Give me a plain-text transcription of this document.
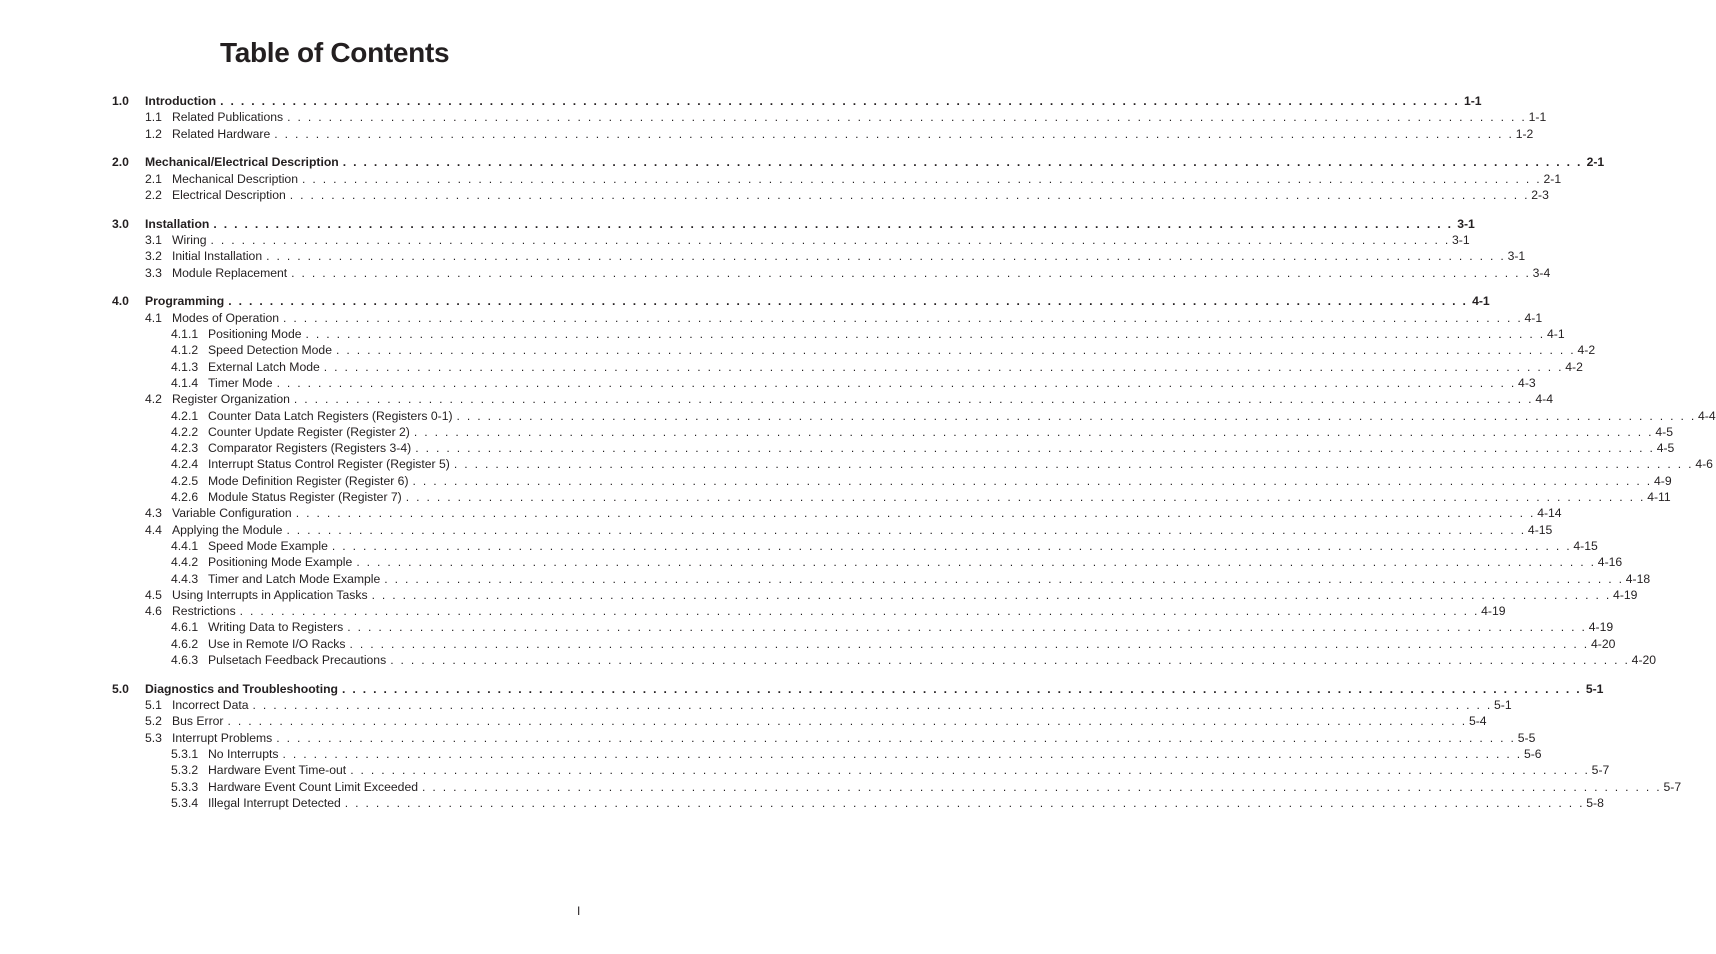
Table of Contents
1.0	Introduction . . . . . . . . . . . . . . . . . . . . . . . . . . . . . . . . . . . . . . . . . . . . . . . . . . . . . . . . . . . . . . . . . . . . . . . . . . . . . . . . . . . . . . . . . . . . . . . . . . . . . . . . . . . . . . . . . . . . . . . . 1-1
1.1 Related Publications . . . . . . . . . . . . . . . . . . . . . . . . . . . . . . . . . . . . . . . . . . . . . . . . . . . . . . . . . . . . . . . . . . . . . . . . . . . . . . . . . . . . . . . . . . . . . . . . . . . . . . . . . . . . . . . . . . . . . . . . 1-1
1.2 Related Hardware . . . . . . . . . . . . . . . . . . . . . . . . . . . . . . . . . . . . . . . . . . . . . . . . . . . . . . . . . . . . . . . . . . . . . . . . . . . . . . . . . . . . . . . . . . . . . . . . . . . . . . . . . . . . . . . . . . . . . . . . 1-2
2.0	Mechanical/Electrical Description . . . . . . . . . . . . . . . . . . . . . . . . . . . . . . . . . . . . . . . . . . . . . . . . . . . . . . . . . . . . . . . . . . . . . . . . . . . . . . . . . . . . . . . . . . . . . . . . . . . . . . . . . . . . . . . . . . . . . . . . 2-1
2.1 Mechanical Description . . . . . . . . . . . . . . . . . . . . . . . . . . . . . . . . . . . . . . . . . . . . . . . . . . . . . . . . . . . . . . . . . . . . . . . . . . . . . . . . . . . . . . . . . . . . . . . . . . . . . . . . . . . . . . . . . . . . . . . . 2-1
2.2 Electrical Description . . . . . . . . . . . . . . . . . . . . . . . . . . . . . . . . . . . . . . . . . . . . . . . . . . . . . . . . . . . . . . . . . . . . . . . . . . . . . . . . . . . . . . . . . . . . . . . . . . . . . . . . . . . . . . . . . . . . . . . . 2-3
3.0	Installation . . . . . . . . . . . . . . . . . . . . . . . . . . . . . . . . . . . . . . . . . . . . . . . . . . . . . . . . . . . . . . . . . . . . . . . . . . . . . . . . . . . . . . . . . . . . . . . . . . . . . . . . . . . . . . . . . . . . . . . . 3-1
3.1 Wiring . . . . . . . . . . . . . . . . . . . . . . . . . . . . . . . . . . . . . . . . . . . . . . . . . . . . . . . . . . . . . . . . . . . . . . . . . . . . . . . . . . . . . . . . . . . . . . . . . . . . . . . . . . . . . . . . . . . . . . . . 3-1
3.2 Initial Installation . . . . . . . . . . . . . . . . . . . . . . . . . . . . . . . . . . . . . . . . . . . . . . . . . . . . . . . . . . . . . . . . . . . . . . . . . . . . . . . . . . . . . . . . . . . . . . . . . . . . . . . . . . . . . . . . . . . . . . . . 3-1
3.3 Module Replacement . . . . . . . . . . . . . . . . . . . . . . . . . . . . . . . . . . . . . . . . . . . . . . . . . . . . . . . . . . . . . . . . . . . . . . . . . . . . . . . . . . . . . . . . . . . . . . . . . . . . . . . . . . . . . . . . . . . . . . . . 3-4
4.0	Programming . . . . . . . . . . . . . . . . . . . . . . . . . . . . . . . . . . . . . . . . . . . . . . . . . . . . . . . . . . . . . . . . . . . . . . . . . . . . . . . . . . . . . . . . . . . . . . . . . . . . . . . . . . . . . . . . . . . . . . . . 4-1
4.1 Modes of Operation . . . . . . . . . . . . . . . . . . . . . . . . . . . . . . . . . . . . . . . . . . . . . . . . . . . . . . . . . . . . . . . . . . . . . . . . . . . . . . . . . . . . . . . . . . . . . . . . . . . . . . . . . . . . . . . . . . . . . . . . 4-1
4.1.1 Positioning Mode . . . . . . . . . . . . . . . . . . . . . . . . . . . . . . . . . . . . . . . . . . . . . . . . . . . . . . . . . . . . . . . . . . . . . . . . . . . . . . . . . . . . . . . . . . . . . . . . . . . . . . . . . . . . . . . . . . . . . . . . 4-1
4.1.2 Speed Detection Mode . . . . . . . . . . . . . . . . . . . . . . . . . . . . . . . . . . . . . . . . . . . . . . . . . . . . . . . . . . . . . . . . . . . . . . . . . . . . . . . . . . . . . . . . . . . . . . . . . . . . . . . . . . . . . . . . . . . . . . . . 4-2
4.1.3 External Latch Mode . . . . . . . . . . . . . . . . . . . . . . . . . . . . . . . . . . . . . . . . . . . . . . . . . . . . . . . . . . . . . . . . . . . . . . . . . . . . . . . . . . . . . . . . . . . . . . . . . . . . . . . . . . . . . . . . . . . . . . . . 4-2
4.1.4 Timer Mode . . . . . . . . . . . . . . . . . . . . . . . . . . . . . . . . . . . . . . . . . . . . . . . . . . . . . . . . . . . . . . . . . . . . . . . . . . . . . . . . . . . . . . . . . . . . . . . . . . . . . . . . . . . . . . . . . . . . . . . . 4-3
4.2 Register Organization . . . . . . . . . . . . . . . . . . . . . . . . . . . . . . . . . . . . . . . . . . . . . . . . . . . . . . . . . . . . . . . . . . . . . . . . . . . . . . . . . . . . . . . . . . . . . . . . . . . . . . . . . . . . . . . . . . . . . . . . 4-4
4.2.1 Counter Data Latch Registers (Registers 0-1) . . . . . . . . . . . . . . . . . . . . . . . . . . . . . . . . . . . . . . . . . . . . . . . . . . . . . . . . . . . . . . . . . . . . . . . . . . . . . . . . . . . . . . . . . . . . . . . . . . . . . . . . . . . . . . . . . . . . . . . . 4-4
4.2.2 Counter Update Register (Register 2) . . . . . . . . . . . . . . . . . . . . . . . . . . . . . . . . . . . . . . . . . . . . . . . . . . . . . . . . . . . . . . . . . . . . . . . . . . . . . . . . . . . . . . . . . . . . . . . . . . . . . . . . . . . . . . . . . . . . . . . . 4-5
4.2.3 Comparator Registers (Registers 3-4) . . . . . . . . . . . . . . . . . . . . . . . . . . . . . . . . . . . . . . . . . . . . . . . . . . . . . . . . . . . . . . . . . . . . . . . . . . . . . . . . . . . . . . . . . . . . . . . . . . . . . . . . . . . . . . . . . . . . . . . . 4-5
4.2.4 Interrupt Status Control Register (Register 5) . . . . . . . . . . . . . . . . . . . . . . . . . . . . . . . . . . . . . . . . . . . . . . . . . . . . . . . . . . . . . . . . . . . . . . . . . . . . . . . . . . . . . . . . . . . . . . . . . . . . . . . . . . . . . . . . . . . . . . . . 4-6
4.2.5 Mode Definition Register (Register 6) . . . . . . . . . . . . . . . . . . . . . . . . . . . . . . . . . . . . . . . . . . . . . . . . . . . . . . . . . . . . . . . . . . . . . . . . . . . . . . . . . . . . . . . . . . . . . . . . . . . . . . . . . . . . . . . . . . . . . . . . 4-9
4.2.6 Module Status Register (Register 7) . . . . . . . . . . . . . . . . . . . . . . . . . . . . . . . . . . . . . . . . . . . . . . . . . . . . . . . . . . . . . . . . . . . . . . . . . . . . . . . . . . . . . . . . . . . . . . . . . . . . . . . . . . . . . . . . . . . . . . . . 4-11
4.3 Variable Configuration . . . . . . . . . . . . . . . . . . . . . . . . . . . . . . . . . . . . . . . . . . . . . . . . . . . . . . . . . . . . . . . . . . . . . . . . . . . . . . . . . . . . . . . . . . . . . . . . . . . . . . . . . . . . . . . . . . . . . . . . 4-14
4.4 Applying the Module . . . . . . . . . . . . . . . . . . . . . . . . . . . . . . . . . . . . . . . . . . . . . . . . . . . . . . . . . . . . . . . . . . . . . . . . . . . . . . . . . . . . . . . . . . . . . . . . . . . . . . . . . . . . . . . . . . . . . . . . 4-15
4.4.1 Speed Mode Example . . . . . . . . . . . . . . . . . . . . . . . . . . . . . . . . . . . . . . . . . . . . . . . . . . . . . . . . . . . . . . . . . . . . . . . . . . . . . . . . . . . . . . . . . . . . . . . . . . . . . . . . . . . . . . . . . . . . . . . . 4-15
4.4.2 Positioning Mode Example . . . . . . . . . . . . . . . . . . . . . . . . . . . . . . . . . . . . . . . . . . . . . . . . . . . . . . . . . . . . . . . . . . . . . . . . . . . . . . . . . . . . . . . . . . . . . . . . . . . . . . . . . . . . . . . . . . . . . . . . 4-16
4.4.3 Timer and Latch Mode Example . . . . . . . . . . . . . . . . . . . . . . . . . . . . . . . . . . . . . . . . . . . . . . . . . . . . . . . . . . . . . . . . . . . . . . . . . . . . . . . . . . . . . . . . . . . . . . . . . . . . . . . . . . . . . . . . . . . . . . . . 4-18
4.5 Using Interrupts in Application Tasks . . . . . . . . . . . . . . . . . . . . . . . . . . . . . . . . . . . . . . . . . . . . . . . . . . . . . . . . . . . . . . . . . . . . . . . . . . . . . . . . . . . . . . . . . . . . . . . . . . . . . . . . . . . . . . . . . . . . . . . . 4-19
4.6 Restrictions . . . . . . . . . . . . . . . . . . . . . . . . . . . . . . . . . . . . . . . . . . . . . . . . . . . . . . . . . . . . . . . . . . . . . . . . . . . . . . . . . . . . . . . . . . . . . . . . . . . . . . . . . . . . . . . . . . . . . . . . 4-19
4.6.1 Writing Data to Registers . . . . . . . . . . . . . . . . . . . . . . . . . . . . . . . . . . . . . . . . . . . . . . . . . . . . . . . . . . . . . . . . . . . . . . . . . . . . . . . . . . . . . . . . . . . . . . . . . . . . . . . . . . . . . . . . . . . . . . . . 4-19
4.6.2 Use in Remote I/O Racks . . . . . . . . . . . . . . . . . . . . . . . . . . . . . . . . . . . . . . . . . . . . . . . . . . . . . . . . . . . . . . . . . . . . . . . . . . . . . . . . . . . . . . . . . . . . . . . . . . . . . . . . . . . . . . . . . . . . . . . . 4-20
4.6.3 Pulsetach Feedback Precautions . . . . . . . . . . . . . . . . . . . . . . . . . . . . . . . . . . . . . . . . . . . . . . . . . . . . . . . . . . . . . . . . . . . . . . . . . . . . . . . . . . . . . . . . . . . . . . . . . . . . . . . . . . . . . . . . . . . . . . . . 4-20
5.0	Diagnostics and Troubleshooting . . . . . . . . . . . . . . . . . . . . . . . . . . . . . . . . . . . . . . . . . . . . . . . . . . . . . . . . . . . . . . . . . . . . . . . . . . . . . . . . . . . . . . . . . . . . . . . . . . . . . . . . . . . . . . . . . . . . . . . . 5-1
5.1 Incorrect Data . . . . . . . . . . . . . . . . . . . . . . . . . . . . . . . . . . . . . . . . . . . . . . . . . . . . . . . . . . . . . . . . . . . . . . . . . . . . . . . . . . . . . . . . . . . . . . . . . . . . . . . . . . . . . . . . . . . . . . . . 5-1
5.2 Bus Error . . . . . . . . . . . . . . . . . . . . . . . . . . . . . . . . . . . . . . . . . . . . . . . . . . . . . . . . . . . . . . . . . . . . . . . . . . . . . . . . . . . . . . . . . . . . . . . . . . . . . . . . . . . . . . . . . . . . . . . . 5-4
5.3 Interrupt Problems . . . . . . . . . . . . . . . . . . . . . . . . . . . . . . . . . . . . . . . . . . . . . . . . . . . . . . . . . . . . . . . . . . . . . . . . . . . . . . . . . . . . . . . . . . . . . . . . . . . . . . . . . . . . . . . . . . . . . . . . 5-5
5.3.1 No Interrupts . . . . . . . . . . . . . . . . . . . . . . . . . . . . . . . . . . . . . . . . . . . . . . . . . . . . . . . . . . . . . . . . . . . . . . . . . . . . . . . . . . . . . . . . . . . . . . . . . . . . . . . . . . . . . . . . . . . . . . . . 5-6
5.3.2 Hardware Event Time-out . . . . . . . . . . . . . . . . . . . . . . . . . . . . . . . . . . . . . . . . . . . . . . . . . . . . . . . . . . . . . . . . . . . . . . . . . . . . . . . . . . . . . . . . . . . . . . . . . . . . . . . . . . . . . . . . . . . . . . . . 5-7
5.3.3 Hardware Event Count Limit Exceeded . . . . . . . . . . . . . . . . . . . . . . . . . . . . . . . . . . . . . . . . . . . . . . . . . . . . . . . . . . . . . . . . . . . . . . . . . . . . . . . . . . . . . . . . . . . . . . . . . . . . . . . . . . . . . . . . . . . . . . . . 5-7
5.3.4 Illegal Interrupt Detected . . . . . . . . . . . . . . . . . . . . . . . . . . . . . . . . . . . . . . . . . . . . . . . . . . . . . . . . . . . . . . . . . . . . . . . . . . . . . . . . . . . . . . . . . . . . . . . . . . . . . . . . . . . . . . . . . . . . . . . . 5-8
I
